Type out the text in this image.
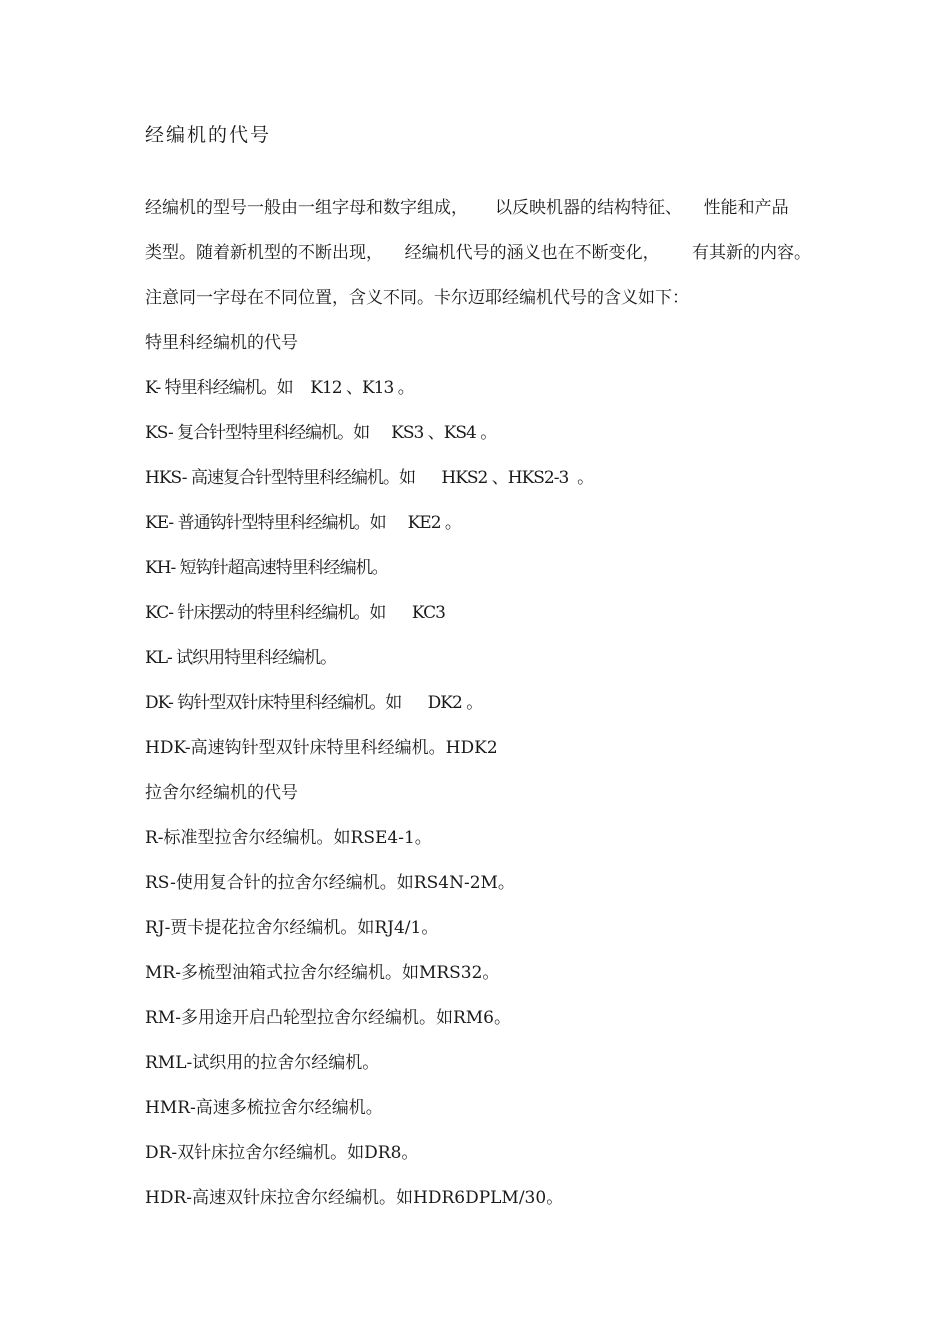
经编机的代号
经编机的型号一般由一组字母和数字组成，     以反映机器的结构特征、    性能和产品
类型。随着新机型的不断出现，    经编机代号的涵义也在不断变化，      有其新的内容。
注意同一字母在不同位置，含义不同。卡尔迈耶经编机代号的含义如下：
特里科经编机的代号
K- 特里科经编机。如    K12 、K13 。
KS- 复合针型特里科经编机。如     KS3 、KS4 。
HKS- 高速复合针型特里科经编机。如      HKS2 、HKS2-3  。
KE- 普通钩针型特里科经编机。如     KE2 。
KH- 短钩针超高速特里科经编机。
KC- 针床摆动的特里科经编机。如      KC3
KL- 试织用特里科经编机。
DK- 钩针型双针床特里科经编机。如      DK2 。
HDK-高速钩针型双针床特里科经编机。HDK2
拉舍尔经编机的代号
R-标准型拉舍尔经编机。如RSE4-1。
RS-使用复合针的拉舍尔经编机。如RS4N-2M。
RJ-贾卡提花拉舍尔经编机。如RJ4/1。
MR-多梳型油箱式拉舍尔经编机。如MRS32。
RM-多用途开启凸轮型拉舍尔经编机。如RM6。
RML-试织用的拉舍尔经编机。
HMR-高速多梳拉舍尔经编机。
DR-双针床拉舍尔经编机。如DR8。
HDR-高速双针床拉舍尔经编机。如HDR6DPLM/30。
